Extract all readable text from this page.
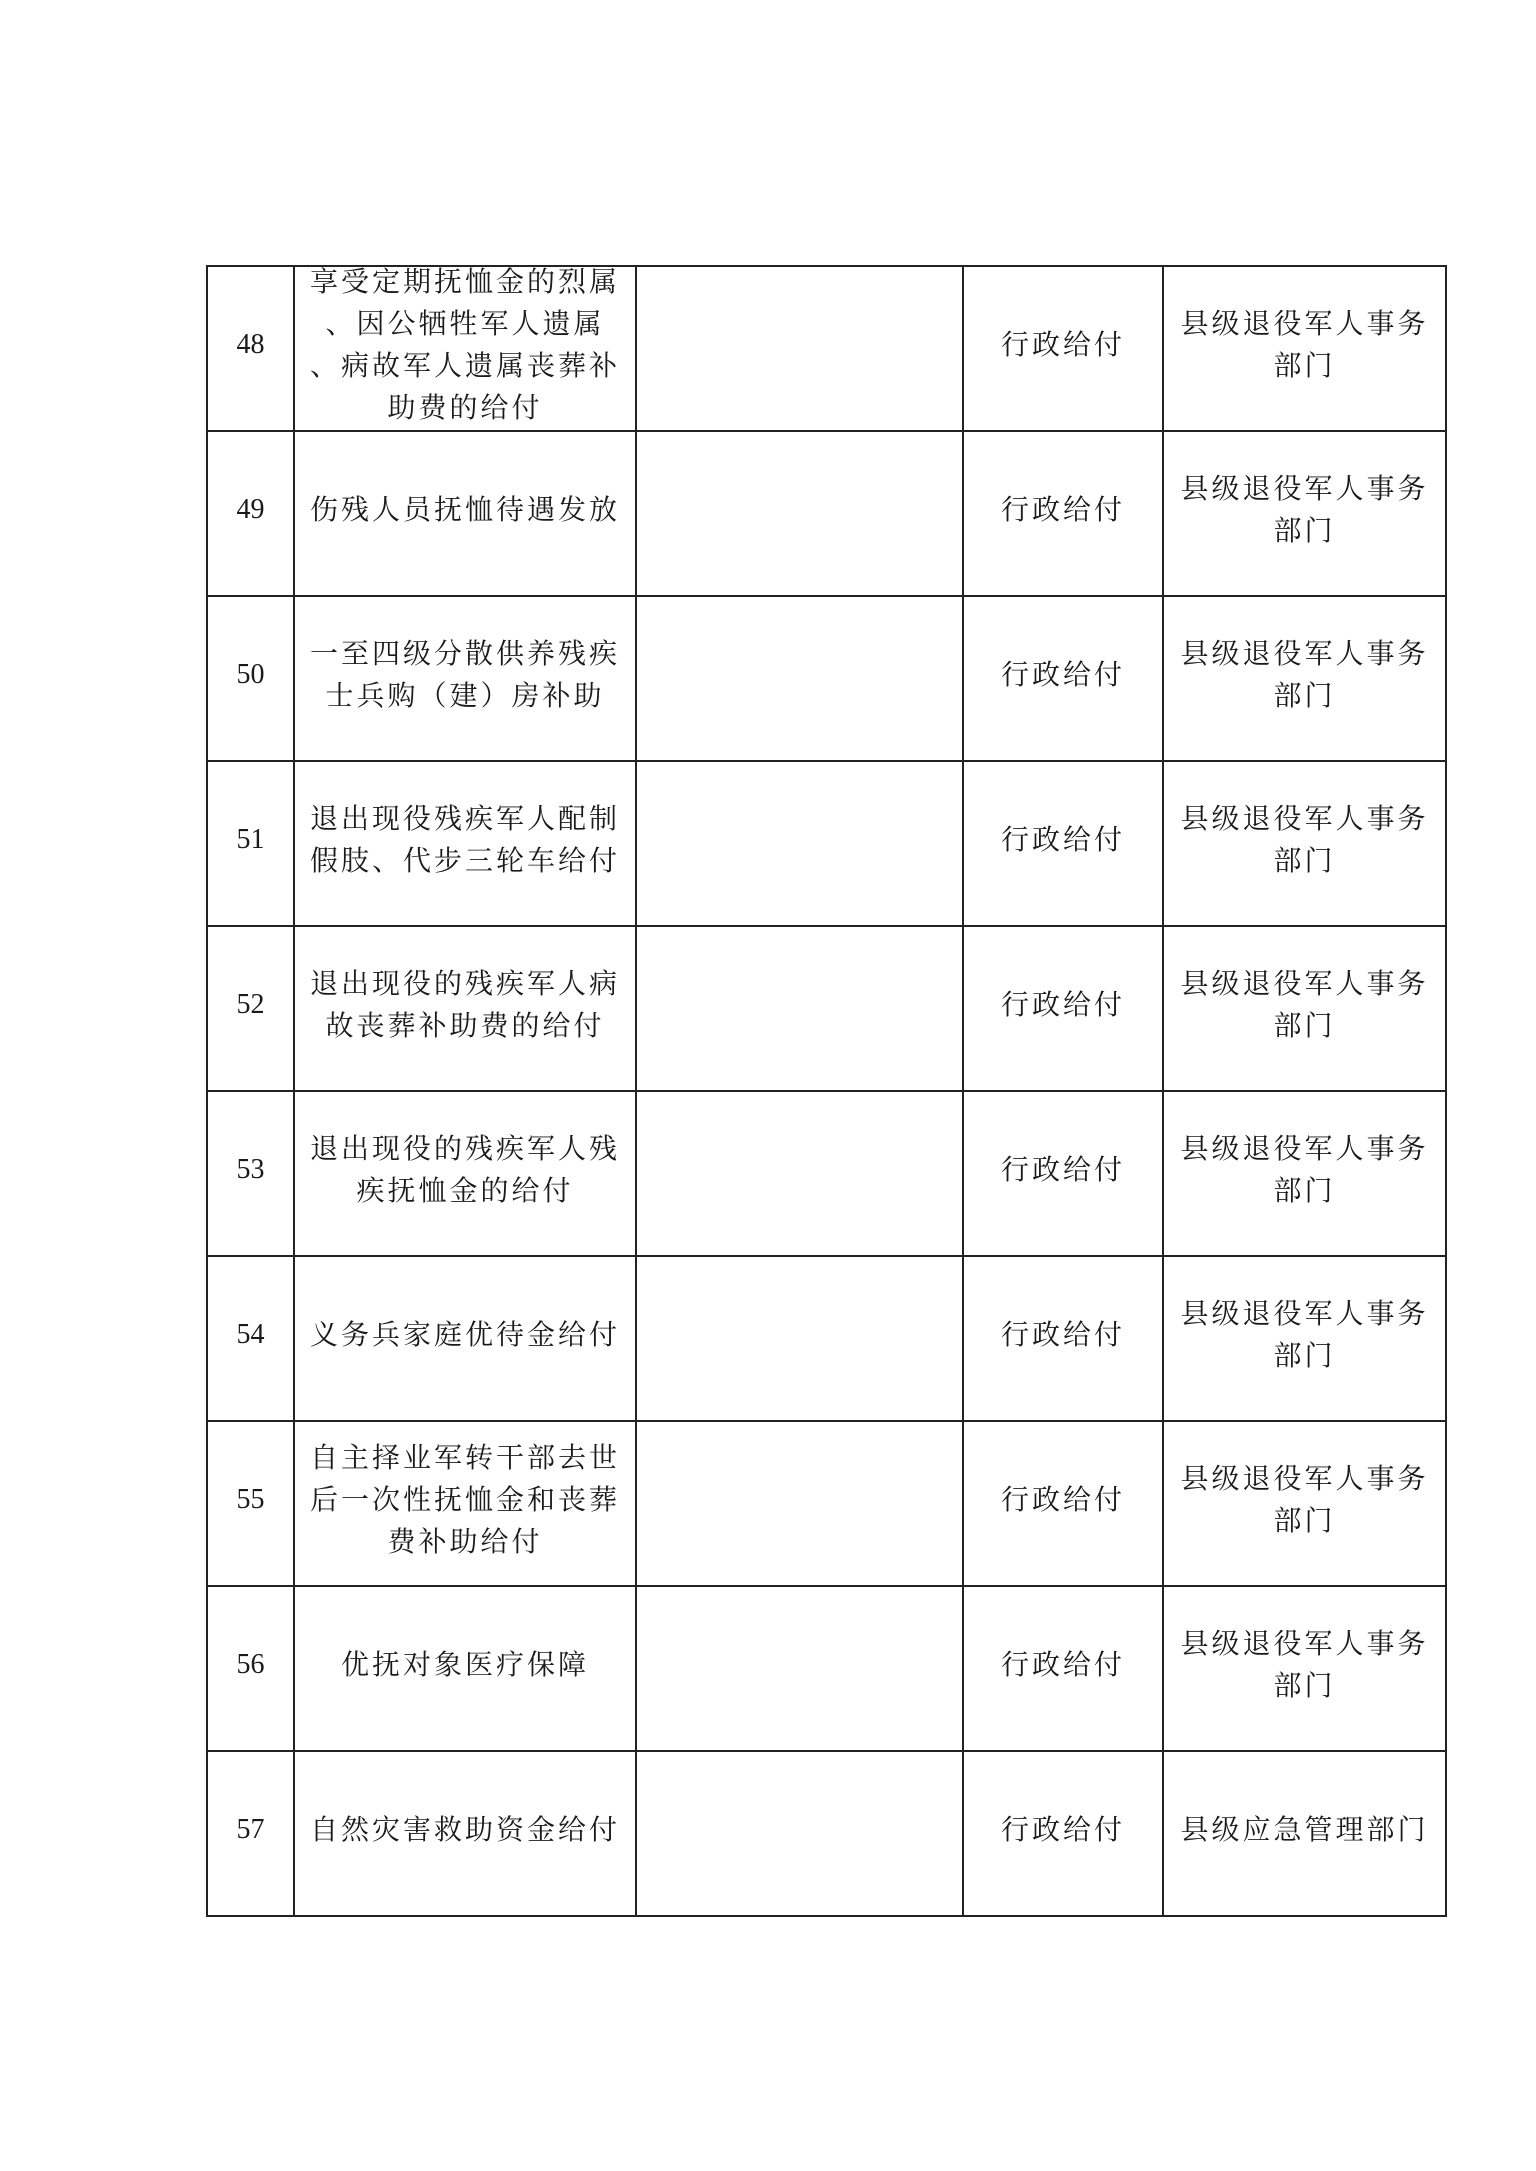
48	享受定期抚恤金的烈属 、因公牺牲军人遗属 、病故军人遗属丧葬补助费的给付		行政给付	县级退役军人事务部门

49	伤残人员抚恤待遇发放		行政给付	县级退役军人事务部门

50	一至四级分散供养残疾士兵购（建）房补助		行政给付	县级退役军人事务部门

51	退出现役残疾军人配制假肢、代步三轮车给付		行政给付	县级退役军人事务部门

52	退出现役的残疾军人病故丧葬补助费的给付		行政给付	县级退役军人事务部门

53	退出现役的残疾军人残疾抚恤金的给付		行政给付	县级退役军人事务部门

54	义务兵家庭优待金给付		行政给付	县级退役军人事务部门

55	自主择业军转干部去世后一次性抚恤金和丧葬费补助给付		行政给付	县级退役军人事务部门

56	优抚对象医疗保障		行政给付	县级退役军人事务部门

57	自然灾害救助资金给付		行政给付	县级应急管理部门
